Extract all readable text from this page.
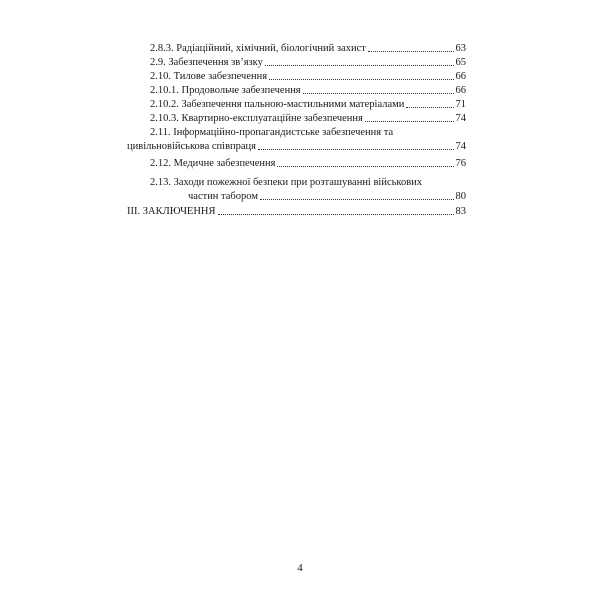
2.8.3. Радіаційний, хімічний, біологічний захист	63
2.9. Забезпечення зв’язку	65
2.10. Тилове забезпечення	66
2.10.1. Продовольче забезпечення	66
2.10.2. Забезпечення пальною-мастильними матеріалами	71
2.10.3. Квартирно-експлуатаційне забезпечення	74
2.11. Інформаційно-пропагандистське забезпечення та
цивільновійськова співпраця	74
2.12. Медичне забезпечення	76
2.13. Заходи пожежної безпеки при розташуванні військових
частин табором	80
III. ЗАКЛЮЧЕННЯ	83
4
